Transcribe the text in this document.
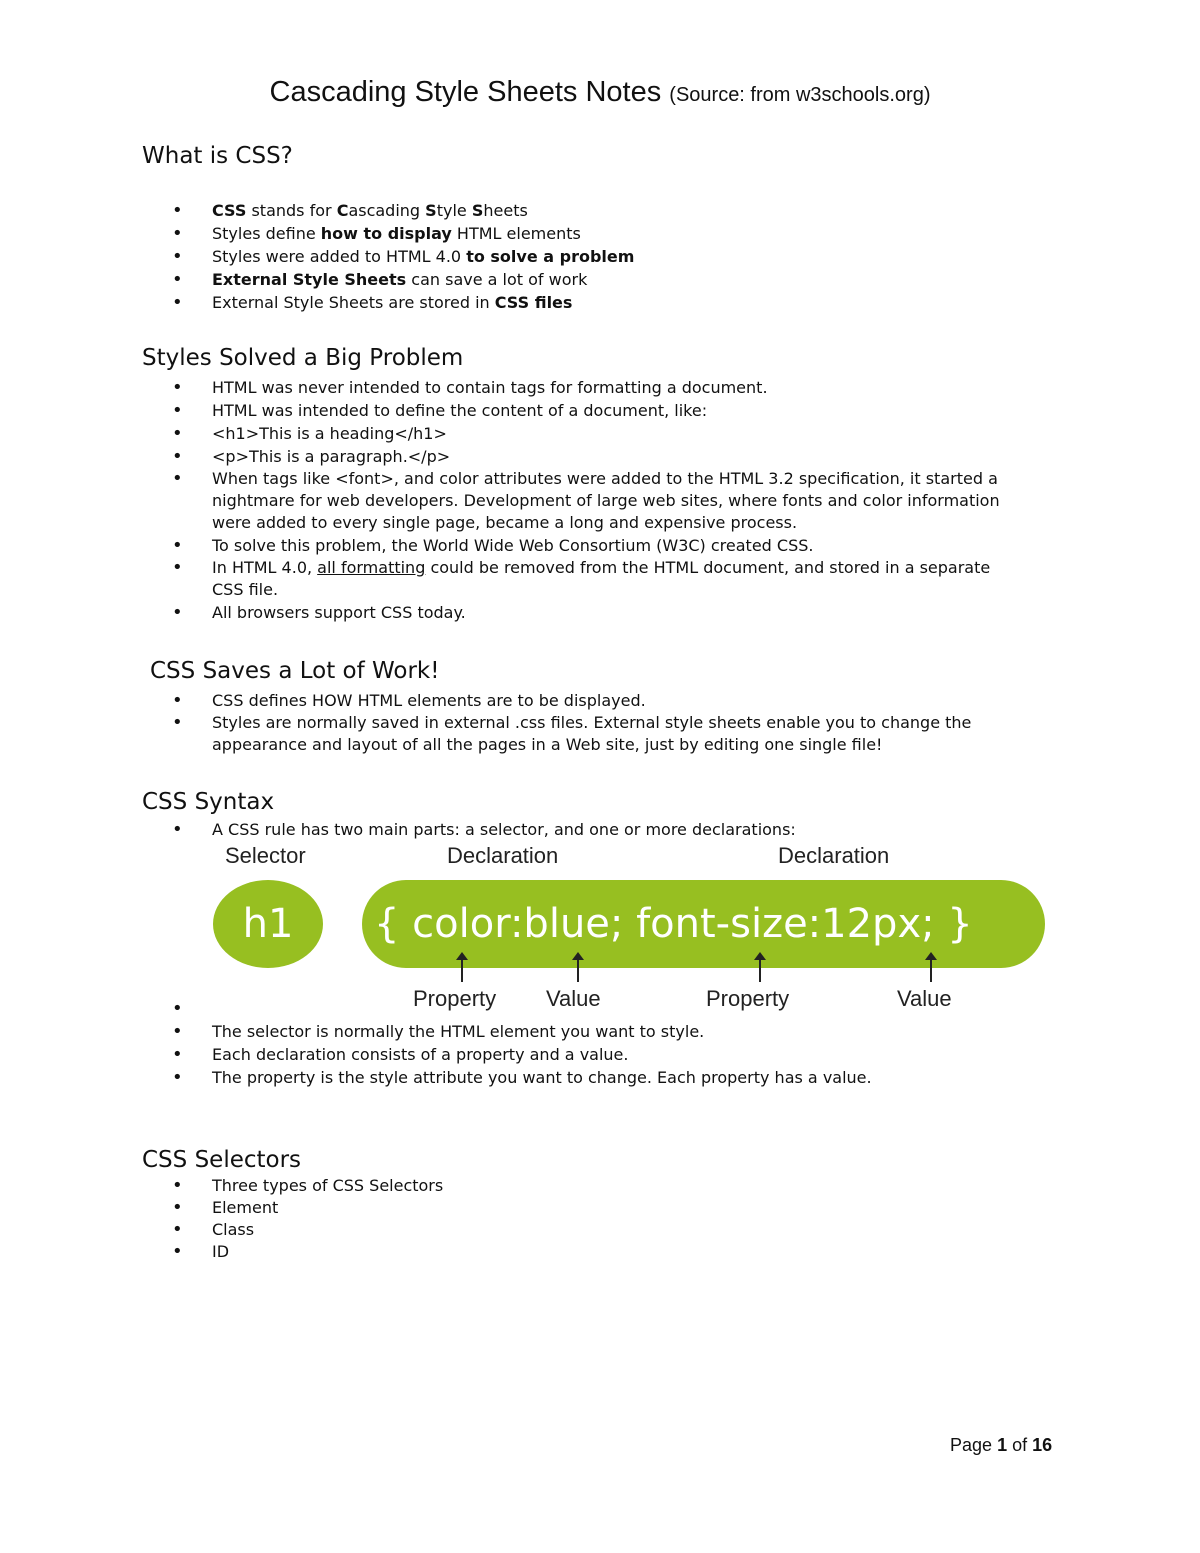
Cascading Style Sheets Notes (Source: from w3schools.org)
What is CSS?
• CSS stands for Cascading Style Sheets
• Styles define how to display HTML elements
• Styles were added to HTML 4.0 to solve a problem
• External Style Sheets can save a lot of work
• External Style Sheets are stored in CSS files
Styles Solved a Big Problem
• HTML was never intended to contain tags for formatting a document.
• HTML was intended to define the content of a document, like:
• <h1>This is a heading</h1>
• <p>This is a paragraph.</p>
• When tags like <font>, and color attributes were added to the HTML 3.2 specification, it started a nightmare for web developers. Development of large web sites, where fonts and color information were added to every single page, became a long and expensive process.
• To solve this problem, the World Wide Web Consortium (W3C) created CSS.
• In HTML 4.0, all formatting could be removed from the HTML document, and stored in a separate CSS file.
• All browsers support CSS today.
CSS Saves a Lot of Work!
• CSS defines HOW HTML elements are to be displayed.
• Styles are normally saved in external .css files. External style sheets enable you to change the appearance and layout of all the pages in a Web site, just by editing one single file!
CSS Syntax
• A CSS rule has two main parts: a selector, and one or more declarations:
Selector	Declaration	Declaration
h1	{ color:blue; font-size:12px; }
Property Value	Property	Value
•
• The selector is normally the HTML element you want to style.
• Each declaration consists of a property and a value.
• The property is the style attribute you want to change. Each property has a value.
CSS Selectors
• Three types of CSS Selectors
• Element
• Class
• ID
Page 1 of 16
